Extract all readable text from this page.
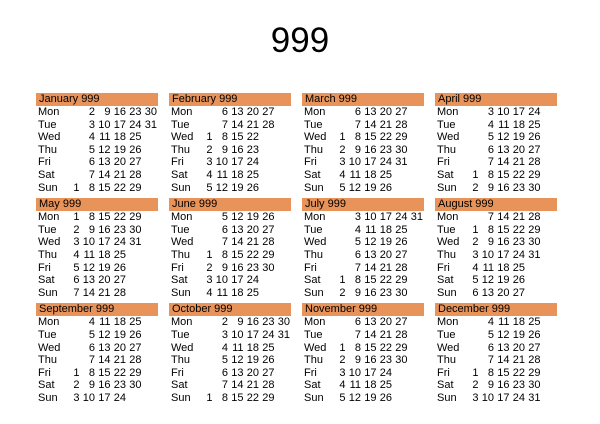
999
January 999
Mon	2 9 16 23 30
Tue	3 10 17 24 31
Wed	4 11 18 25
Thu	5 12 19 26
Fri	6 13 20 27
Sat	7 14 21 28
Sun	1 8 15 22 29
February 999
Mon	6 13 20 27
Tue	7 14 21 28
Wed	1 8 15 22
Thu	2 9 16 23
Fri	3 10 17 24
Sat	4 11 18 25
Sun	5 12 19 26
March 999
Mon	6 13 20 27
Tue	7 14 21 28
Wed	1 8 15 22 29
Thu	2 9 16 23 30
Fri	3 10 17 24 31
Sat	4 11 18 25
Sun	5 12 19 26
April 999
Mon	3 10 17 24
Tue	4 11 18 25
Wed	5 12 19 26
Thu	6 13 20 27
Fri	7 14 21 28
Sat	1 8 15 22 29
Sun	2 9 16 23 30
May 999
Mon	1 8 15 22 29
Tue	2 9 16 23 30
Wed	3 10 17 24 31
Thu	4 11 18 25
Fri	5 12 19 26
Sat	6 13 20 27
Sun	7 14 21 28
June 999
Mon	5 12 19 26
Tue	6 13 20 27
Wed	7 14 21 28
Thu	1 8 15 22 29
Fri	2 9 16 23 30
Sat	3 10 17 24
Sun	4 11 18 25
July 999
Mon	3 10 17 24 31
Tue	4 11 18 25
Wed	5 12 19 26
Thu	6 13 20 27
Fri	7 14 21 28
Sat	1 8 15 22 29
Sun	2 9 16 23 30
August 999
Mon	7 14 21 28
Tue	1 8 15 22 29
Wed	2 9 16 23 30
Thu	3 10 17 24 31
Fri	4 11 18 25
Sat	5 12 19 26
Sun	6 13 20 27
September 999
Mon	4 11 18 25
Tue	5 12 19 26
Wed	6 13 20 27
Thu	7 14 21 28
Fri	1 8 15 22 29
Sat	2 9 16 23 30
Sun	3 10 17 24
October 999
Mon	2 9 16 23 30
Tue	3 10 17 24 31
Wed	4 11 18 25
Thu	5 12 19 26
Fri	6 13 20 27
Sat	7 14 21 28
Sun	1 8 15 22 29
November 999
Mon	6 13 20 27
Tue	7 14 21 28
Wed	1 8 15 22 29
Thu	2 9 16 23 30
Fri	3 10 17 24
Sat	4 11 18 25
Sun	5 12 19 26
December 999
Mon	4 11 18 25
Tue	5 12 19 26
Wed	6 13 20 27
Thu	7 14 21 28
Fri	1 8 15 22 29
Sat	2 9 16 23 30
Sun	3 10 17 24 31
